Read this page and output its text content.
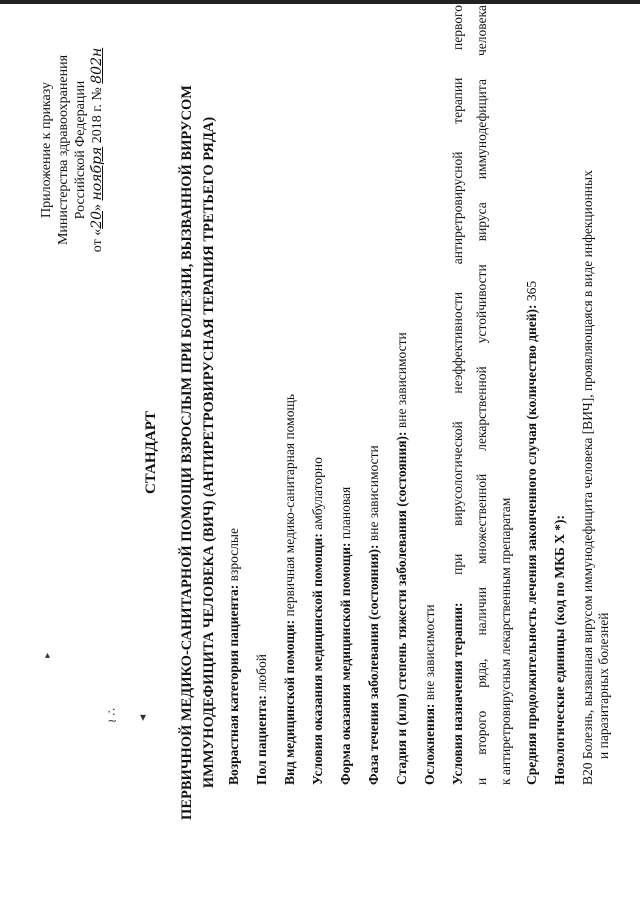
▴
≀ ∴ ▾
Приложение к приказу Министерства здравоохранения Российской Федерации
от «20» ноября 2018 г. № 802н
СТАНДАРТ ПЕРВИЧНОЙ МЕДИКО-САНИТАРНОЙ ПОМОЩИ ВЗРОСЛЫМ ПРИ БОЛЕЗНИ, ВЫЗВАННОЙ ВИРУСОМ ИММУНОДЕФИЦИТА ЧЕЛОВЕКА (ВИЧ) (АНТИРЕТРОВИРУСНАЯ ТЕРАПИЯ ТРЕТЬЕГО РЯДА) Возрастная категория пациента: взрослые
Пол пациента: любой Вид медицинской помощи: первичная медико-санитарная помощь
Условия оказания медицинской помощи: амбулаторно
Форма оказания медицинской помощи: плановая
Фаза течения заболевания (состояния): вне зависимости Стадия и (или) степень тяжести заболевания (состояния): вне зависимости
Осложнения: вне зависимости Условия назначения терапии:
при
вирусологической
неэффективности
антиретровирусной
терапии
первого
и
второго
ряда,
наличии
множественной
лекарственной
устойчивости
вируса
иммунодефицита
человека
к антиретровирусным лекарственным препаратам Средняя продолжительность лечения законченного случая (количество дней): 365
Нозологические единицы (код по МКБ X *): B20 Болезнь, вызванная вирусом иммунодефицита человека [ВИЧ], проявляющаяся в виде инфекционных и паразитарных болезней
